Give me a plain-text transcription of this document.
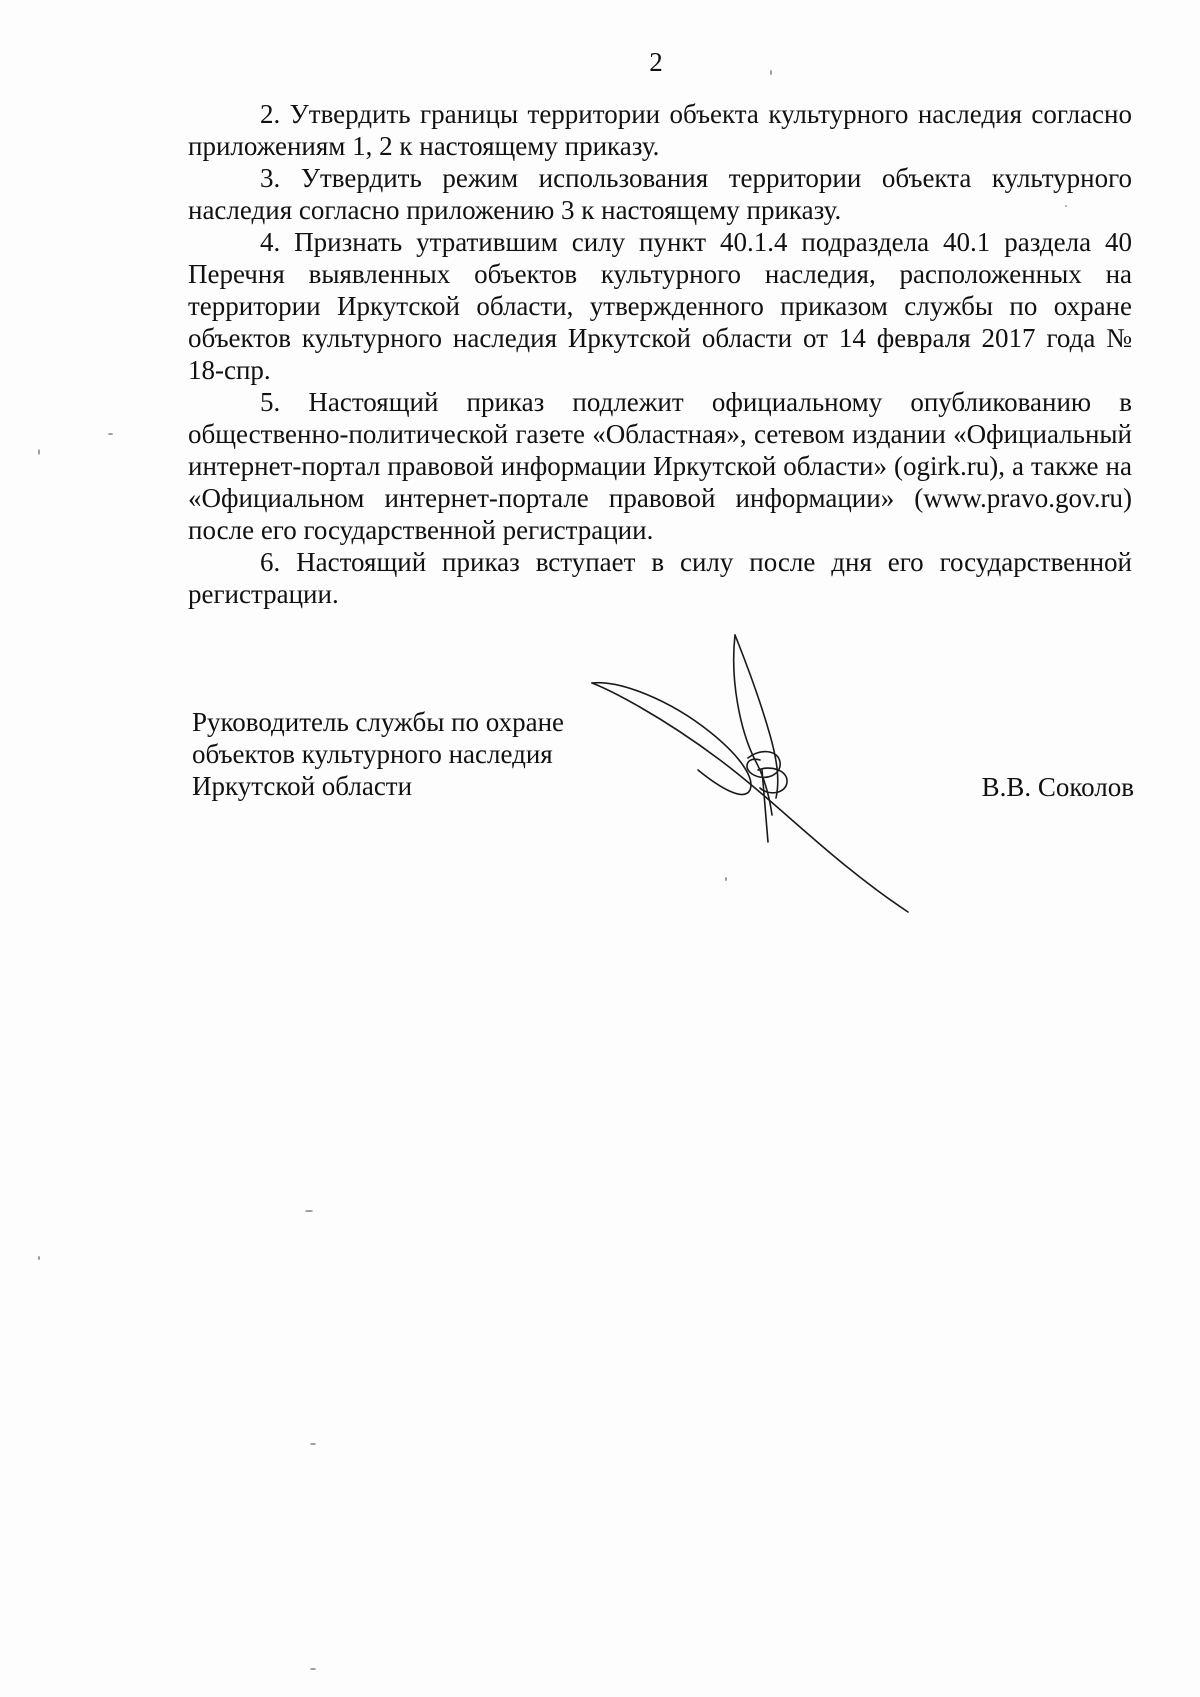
2

2. Утвердить границы территории объекта культурного наследия согласно приложениям 1, 2 к настоящему приказу.

3. Утвердить режим использования территории объекта культурного наследия согласно приложению 3 к настоящему приказу.

4. Признать утратившим силу пункт 40.1.4 подраздела 40.1 раздела 40 Перечня выявленных объектов культурного наследия, расположенных на территории Иркутской области, утвержденного приказом службы по охране объектов культурного наследия Иркутской области от 14 февраля 2017 года № 18-спр.

5. Настоящий приказ подлежит официальному опубликованию в общественно-политической газете «Областная», сетевом издании «Официальный интернет-портал правовой информации Иркутской области» (ogirk.ru), а также на «Официальном интернет-портале правовой информации» (www.pravo.gov.ru) после его государственной регистрации.

6. Настоящий приказ вступает в силу после дня его государственной регистрации.

Руководитель службы по охране
объектов культурного наследия
Иркутской области	В.В. Соколов
